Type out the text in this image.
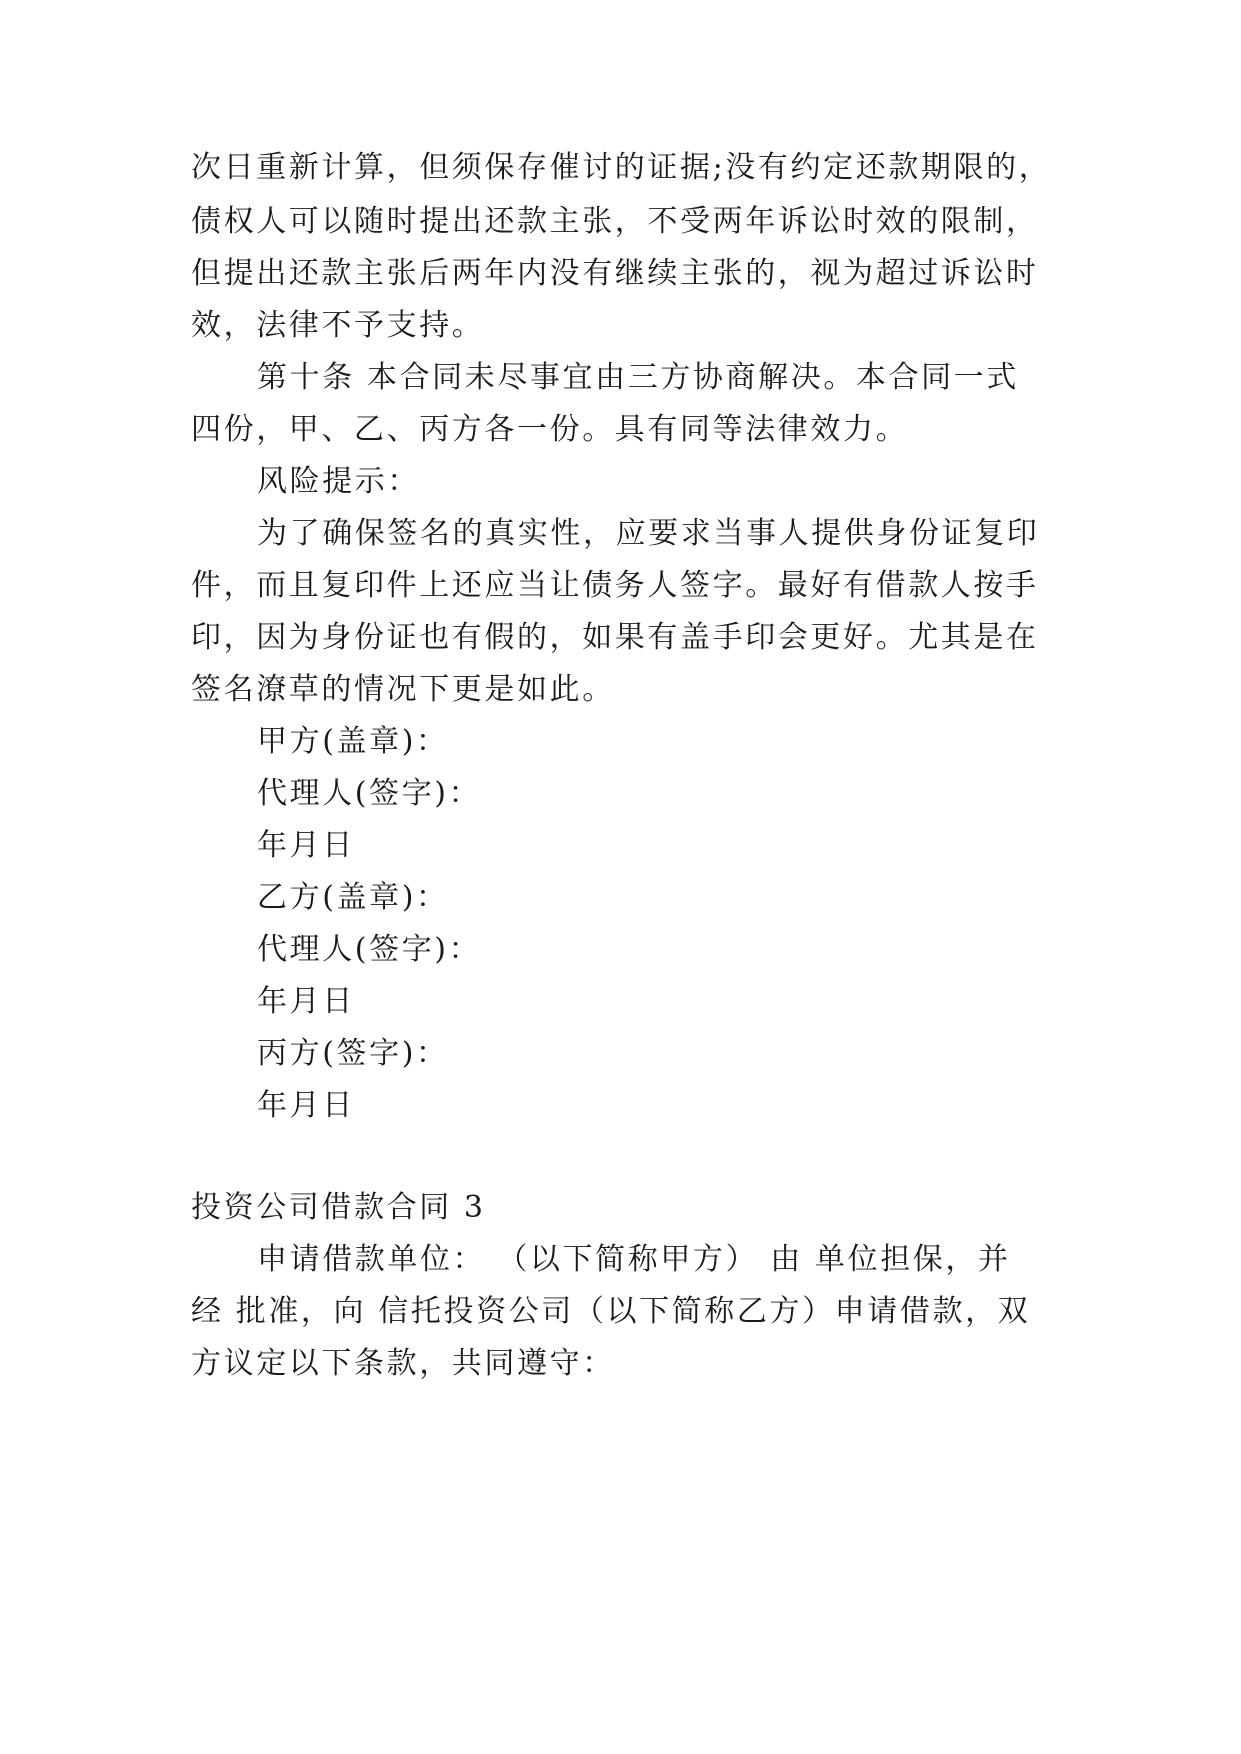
次日重新计算，但须保存催讨的证据;没有约定还款期限的，
债权人可以随时提出还款主张，不受两年诉讼时效的限制，
但提出还款主张后两年内没有继续主张的，视为超过诉讼时
效，法律不予支持。
第十条 本合同未尽事宜由三方协商解决。本合同一式
四份，甲、乙、丙方各一份。具有同等法律效力。
风险提示：
为了确保签名的真实性，应要求当事人提供身份证复印
件，而且复印件上还应当让债务人签字。最好有借款人按手
印，因为身份证也有假的，如果有盖手印会更好。尤其是在
签名潦草的情况下更是如此。
甲方(盖章)：
代理人(签字)：
年月日
乙方(盖章)：
代理人(签字)：
年月日
丙方(签字)：
年月日
投资公司借款合同 3
申请借款单位： （以下简称甲方） 由 单位担保，并
经 批准，向 信托投资公司（以下简称乙方）申请借款，双
方议定以下条款，共同遵守：
